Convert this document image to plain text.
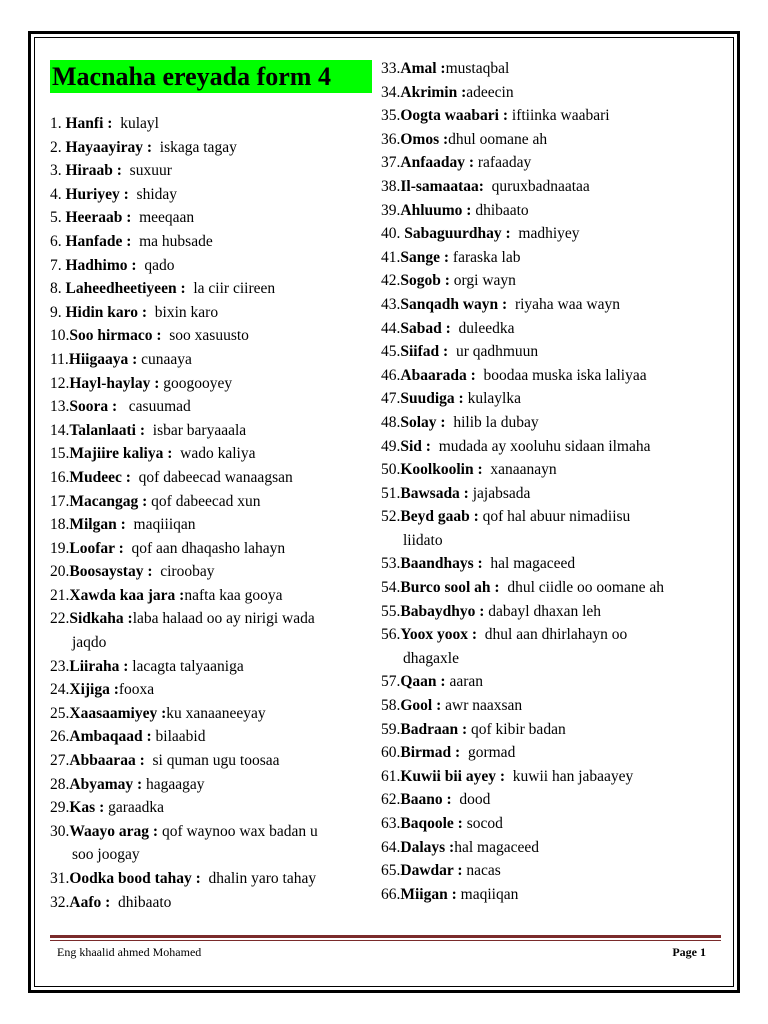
Macnaha ereyada form 4
1. Hanfi :  kulayl
2. Hayaayiray :  iskaga tagay
3. Hiraab :  suxuur
4. Huriyey :  shiday
5. Heeraab :  meeqaan
6. Hanfade :  ma hubsade
7. Hadhimo :  qado
8. Laheedheetiyeen :  la ciir ciireen
9. Hidin karo :  bixin karo
10.Soo hirmaco :  soo xasuusto
11.Hiigaaya : cunaaya
12.Hayl-haylay : googooyey
13.Soora :   casuumad
14.Talanlaati :  isbar baryaaala
15.Majiire kaliya :  wado kaliya
16.Mudeec :  qof dabeecad wanaagsan
17.Macangag : qof dabeecad xun
18.Milgan :  maqiiiqan
19.Loofar :  qof aan dhaqasho lahayn
20.Boosaystay :  ciroobay
21.Xawda kaa jara :nafta kaa gooya
22.Sidkaha :laba halaad oo ay nirigi wada
jaqdo
23.Liiraha : lacagta talyaaniga
24.Xijiga :fooxa
25.Xaasaamiyey :ku xanaaneeyay
26.Ambaqaad : bilaabid
27.Abbaaraa :  si quman ugu toosaa
28.Abyamay : hagaagay
29.Kas : garaadka
30.Waayo arag : qof waynoo wax badan u
soo joogay
31.Oodka bood tahay :  dhalin yaro tahay
32.Aafo :  dhibaato
33.Amal :mustaqbal
34.Akrimin :adeecin
35.Oogta waabari : iftiinka waabari
36.Omos :dhul oomane ah
37.Anfaaday : rafaaday
38.Il-samaataa:  quruxbadnaataa
39.Ahluumo : dhibaato
40. Sabaguurdhay :  madhiyey
41.Sange : faraska lab
42.Sogob : orgi wayn
43.Sanqadh wayn :  riyaha waa wayn
44.Sabad :  duleedka
45.Siifad :  ur qadhmuun
46.Abaarada :  boodaa muska iska laliyaa
47.Suudiga : kulaylka
48.Solay :  hilib la dubay
49.Sid :  mudada ay xooluhu sidaan ilmaha
50.Koolkoolin :  xanaanayn
51.Bawsada : jajabsada
52.Beyd gaab : qof hal abuur nimadiisu
liidato
53.Baandhays :  hal magaceed
54.Burco sool ah :  dhul ciidle oo oomane ah
55.Babaydhyo : dabayl dhaxan leh
56.Yoox yoox :  dhul aan dhirlahayn oo
dhagaxle
57.Qaan : aaran
58.Gool : awr naaxsan
59.Badraan : qof kibir badan
60.Birmad :  gormad
61.Kuwii bii ayey :  kuwii han jabaayey
62.Baano :  dood
63.Baqoole : socod
64.Dalays :hal magaceed
65.Dawdar : nacas
66.Miigan : maqiiqan
Eng khaalid ahmed Mohamed	Page 1
